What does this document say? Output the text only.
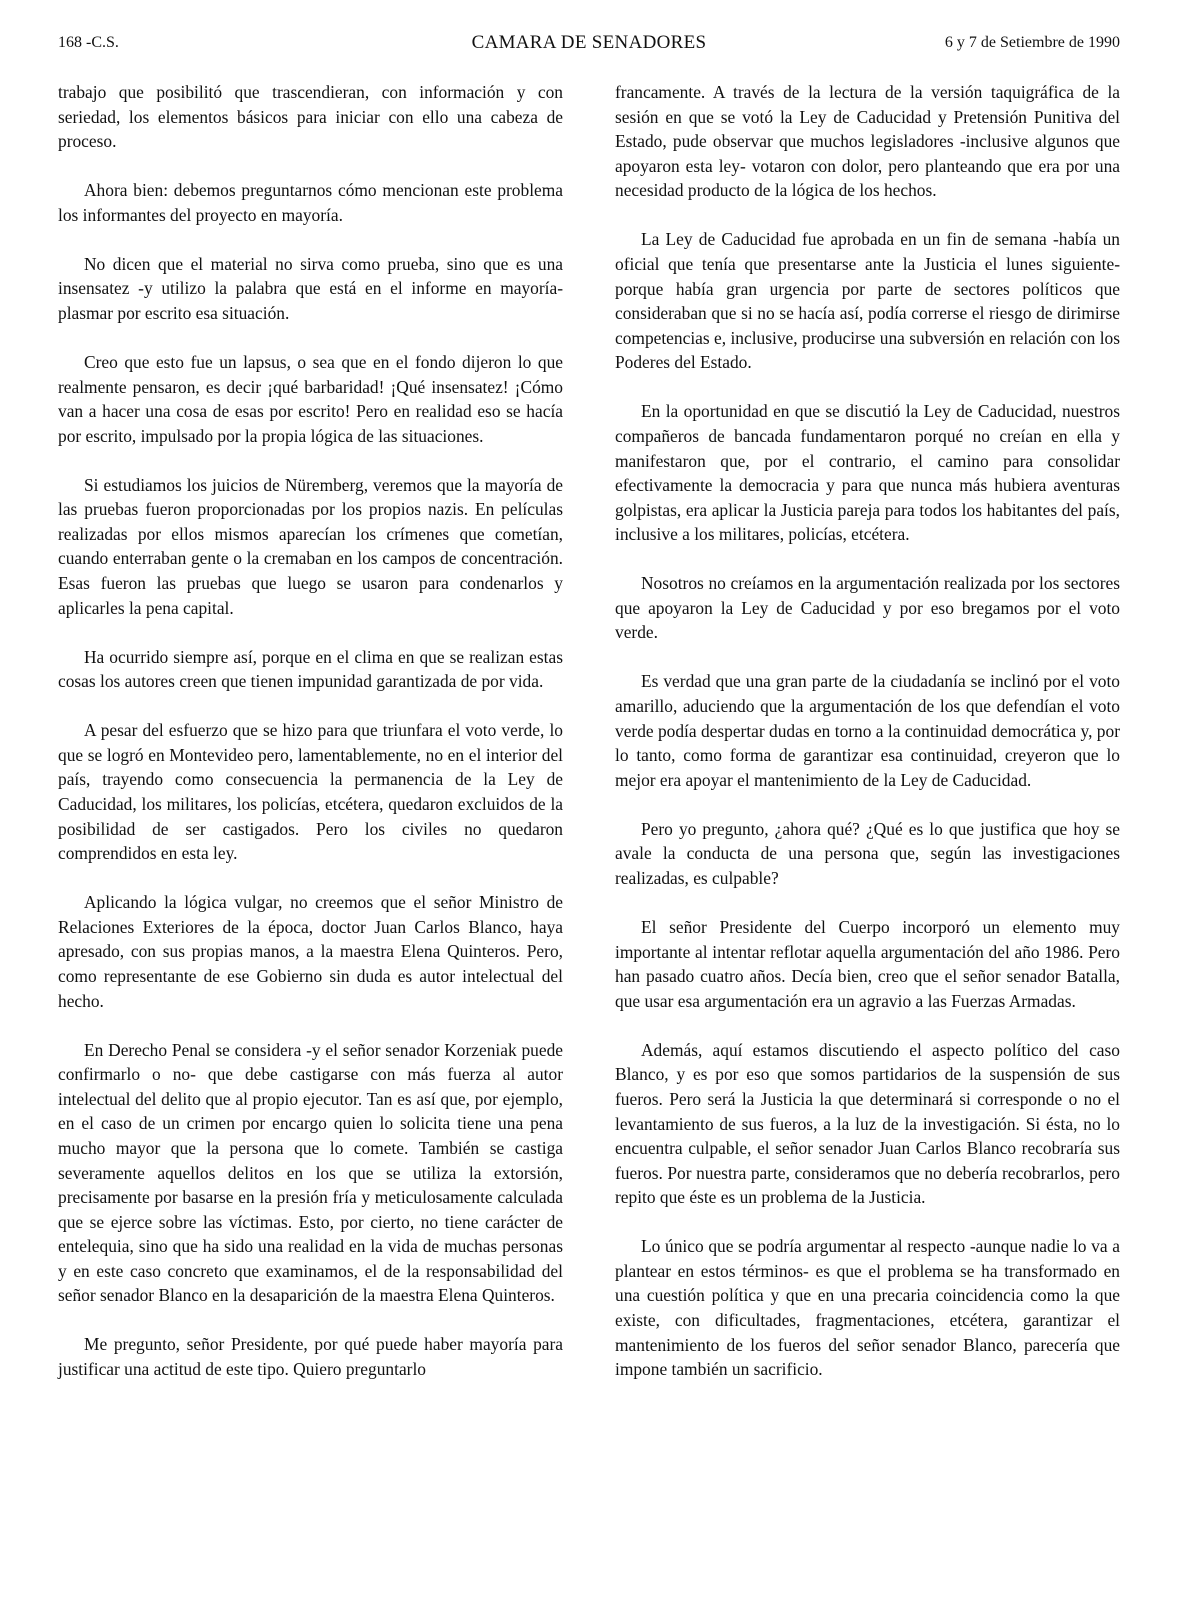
168 -C.S.	CAMARA DE SENADORES	6 y 7 de Setiembre de 1990

trabajo que posibilitó que trascendieran, con información y con seriedad, los elementos básicos para iniciar con ello una cabeza de proceso.

Ahora bien: debemos preguntarnos cómo mencionan este problema los informantes del proyecto en mayoría.

No dicen que el material no sirva como prueba, sino que es una insensatez -y utilizo la palabra que está en el informe en mayoría- plasmar por escrito esa situación.

Creo que esto fue un lapsus, o sea que en el fondo dijeron lo que realmente pensaron, es decir ¡qué barbaridad! ¡Qué insensatez! ¡Cómo van a hacer una cosa de esas por escrito! Pero en realidad eso se hacía por escrito, impulsado por la propia lógica de las situaciones.

Si estudiamos los juicios de Nüremberg, veremos que la mayoría de las pruebas fueron proporcionadas por los propios nazis. En películas realizadas por ellos mismos aparecían los crímenes que cometían, cuando enterraban gente o la cremaban en los campos de concentración. Esas fueron las pruebas que luego se usaron para condenarlos y aplicarles la pena capital.

Ha ocurrido siempre así, porque en el clima en que se realizan estas cosas los autores creen que tienen impunidad garantizada de por vida.

A pesar del esfuerzo que se hizo para que triunfara el voto verde, lo que se logró en Montevideo pero, lamentablemente, no en el interior del país, trayendo como consecuencia la permanencia de la Ley de Caducidad, los militares, los policías, etcétera, quedaron excluidos de la posibilidad de ser castigados. Pero los civiles no quedaron comprendidos en esta ley.

Aplicando la lógica vulgar, no creemos que el señor Ministro de Relaciones Exteriores de la época, doctor Juan Carlos Blanco, haya apresado, con sus propias manos, a la maestra Elena Quinteros. Pero, como representante de ese Gobierno sin duda es autor intelectual del hecho.

En Derecho Penal se considera -y el señor senador Korzeniak puede confirmarlo o no- que debe castigarse con más fuerza al autor intelectual del delito que al propio ejecutor. Tan es así que, por ejemplo, en el caso de un crimen por encargo quien lo solicita tiene una pena mucho mayor que la persona que lo comete. También se castiga severamente aquellos delitos en los que se utiliza la extorsión, precisamente por basarse en la presión fría y meticulosamente calculada que se ejerce sobre las víctimas. Esto, por cierto, no tiene carácter de entelequia, sino que ha sido una realidad en la vida de muchas personas y en este caso concreto que examinamos, el de la responsabilidad del señor senador Blanco en la desaparición de la maestra Elena Quinteros.

Me pregunto, señor Presidente, por qué puede haber mayoría para justificar una actitud de este tipo. Quiero preguntarlo

francamente. A través de la lectura de la versión taquigráfica de la sesión en que se votó la Ley de Caducidad y Pretensión Punitiva del Estado, pude observar que muchos legisladores -inclusive algunos que apoyaron esta ley- votaron con dolor, pero planteando que era por una necesidad producto de la lógica de los hechos.

La Ley de Caducidad fue aprobada en un fin de semana -había un oficial que tenía que presentarse ante la Justicia el lunes siguiente- porque había gran urgencia por parte de sectores políticos que consideraban que si no se hacía así, podía correrse el riesgo de dirimirse competencias e, inclusive, producirse una subversión en relación con los Poderes del Estado.

En la oportunidad en que se discutió la Ley de Caducidad, nuestros compañeros de bancada fundamentaron porqué no creían en ella y manifestaron que, por el contrario, el camino para consolidar efectivamente la democracia y para que nunca más hubiera aventuras golpistas, era aplicar la Justicia pareja para todos los habitantes del país, inclusive a los militares, policías, etcétera.

Nosotros no creíamos en la argumentación realizada por los sectores que apoyaron la Ley de Caducidad y por eso bregamos por el voto verde.

Es verdad que una gran parte de la ciudadanía se inclinó por el voto amarillo, aduciendo que la argumentación de los que defendían el voto verde podía despertar dudas en torno a la continuidad democrática y, por lo tanto, como forma de garantizar esa continuidad, creyeron que lo mejor era apoyar el mantenimiento de la Ley de Caducidad.

Pero yo pregunto, ¿ahora qué? ¿Qué es lo que justifica que hoy se avale la conducta de una persona que, según las investigaciones realizadas, es culpable?

El señor Presidente del Cuerpo incorporó un elemento muy importante al intentar reflotar aquella argumentación del año 1986. Pero han pasado cuatro años. Decía bien, creo que el señor senador Batalla, que usar esa argumentación era un agravio a las Fuerzas Armadas.

Además, aquí estamos discutiendo el aspecto político del caso Blanco, y es por eso que somos partidarios de la suspensión de sus fueros. Pero será la Justicia la que determinará si corresponde o no el levantamiento de sus fueros, a la luz de la investigación. Si ésta, no lo encuentra culpable, el señor senador Juan Carlos Blanco recobraría sus fueros. Por nuestra parte, consideramos que no debería recobrarlos, pero repito que éste es un problema de la Justicia.

Lo único que se podría argumentar al respecto -aunque nadie lo va a plantear en estos términos- es que el problema se ha transformado en una cuestión política y que en una precaria coincidencia como la que existe, con dificultades, fragmentaciones, etcétera, garantizar el mantenimiento de los fueros del señor senador Blanco, parecería que impone también un sacrificio.
